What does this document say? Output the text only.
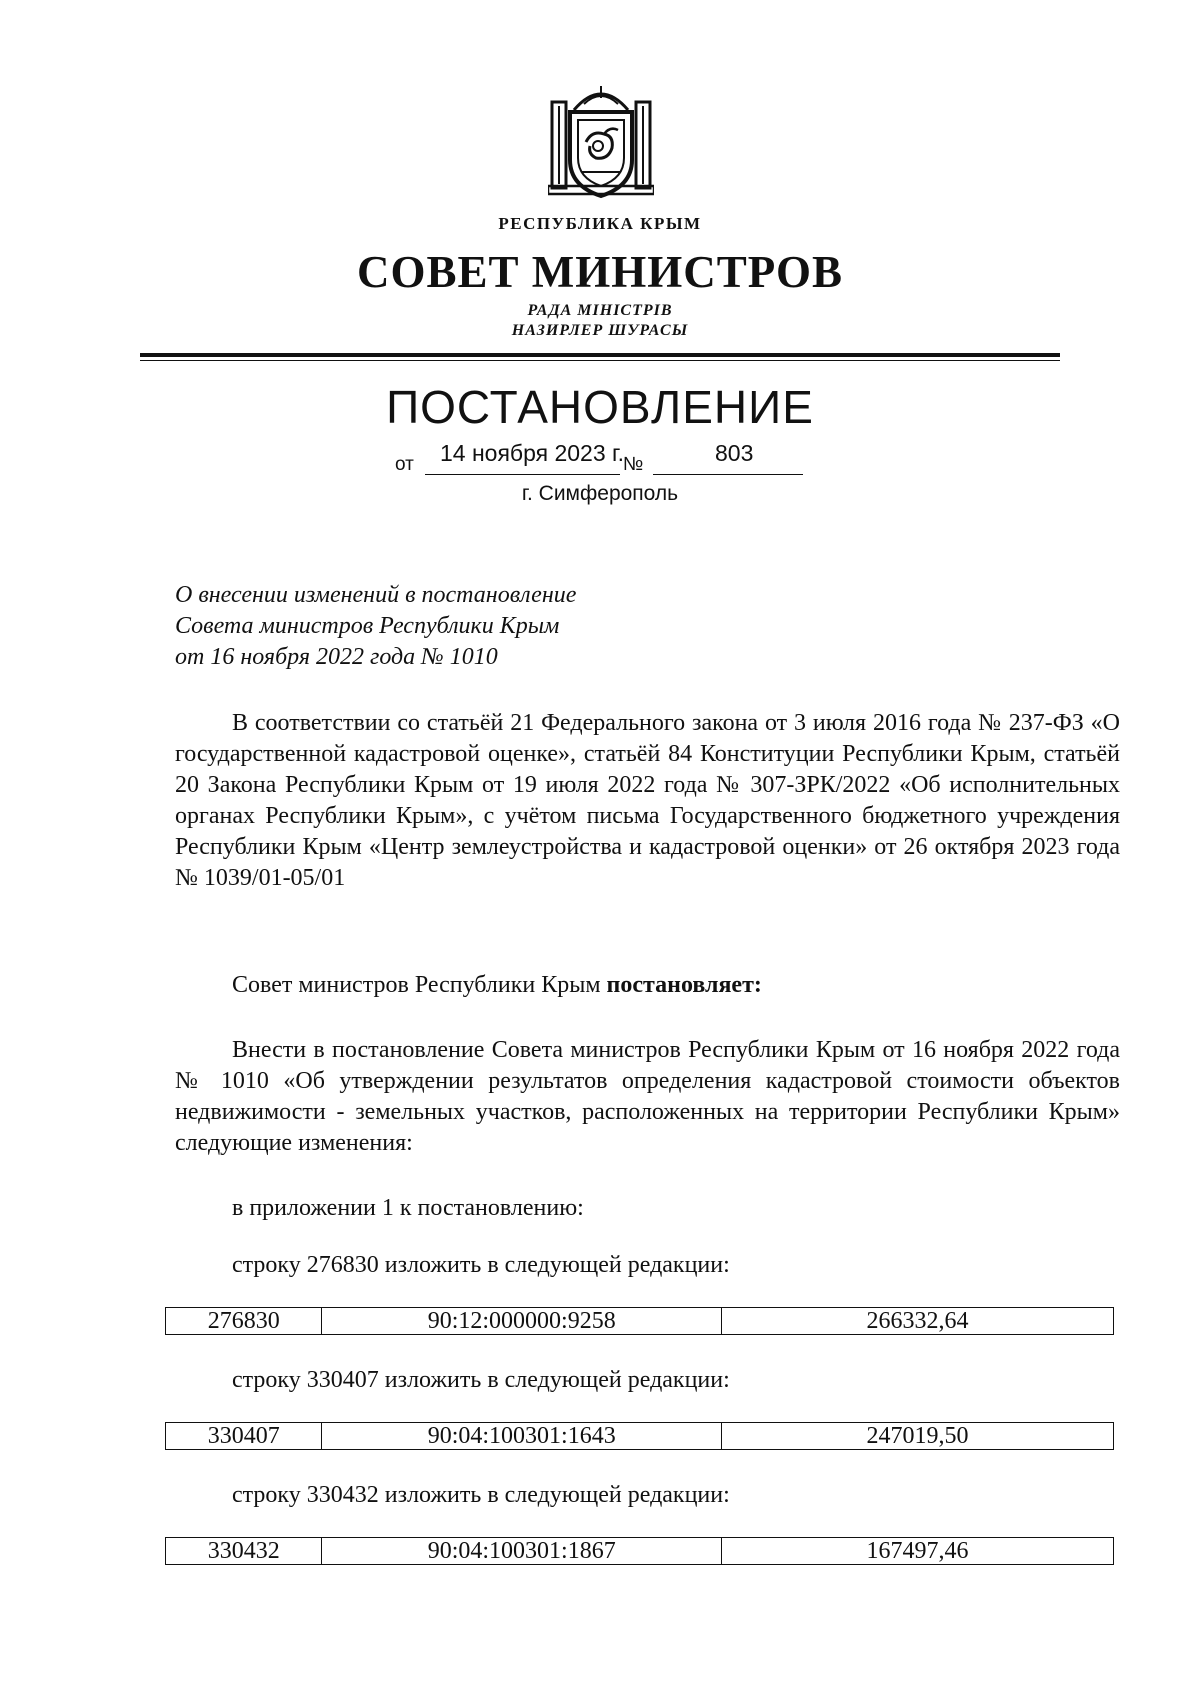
РЕСПУБЛИКА КРЫМ
СОВЕТ МИНИСТРОВ
РАДА МІНІСТРІВ
НАЗИРЛЕР ШУРАСЫ
ПОСТАНОВЛЕНИЕ
от 14 ноября 2023 г. №	803
г. Симферополь
О внесении изменений в постановление
Совета министров Республики Крым
от 16 ноября 2022 года № 1010
В соответствии со статьёй 21 Федерального закона от 3 июля 2016 года № 237-ФЗ «О государственной кадастровой оценке», статьёй 84 Конституции Республики Крым, статьёй 20 Закона Республики Крым от 19 июля 2022 года № 307-ЗРК/2022 «Об исполнительных органах Республики Крым», с учётом письма Государственного бюджетного учреждения Республики Крым «Центр землеустройства и кадастровой оценки» от 26 октября 2023 года № 1039/01-05/01
Совет министров Республики Крым постановляет:
Внести в постановление Совета министров Республики Крым от 16 ноября 2022 года № 1010 «Об утверждении результатов определения кадастровой стоимости объектов недвижимости - земельных участков, расположенных на территории Республики Крым» следующие изменения:
в приложении 1 к постановлению:
строку 276830 изложить в следующей редакции:
276830	90:12:000000:9258	266332,64
строку 330407 изложить в следующей редакции:
330407	90:04:100301:1643	247019,50
строку 330432 изложить в следующей редакции:
330432	90:04:100301:1867	167497,46
